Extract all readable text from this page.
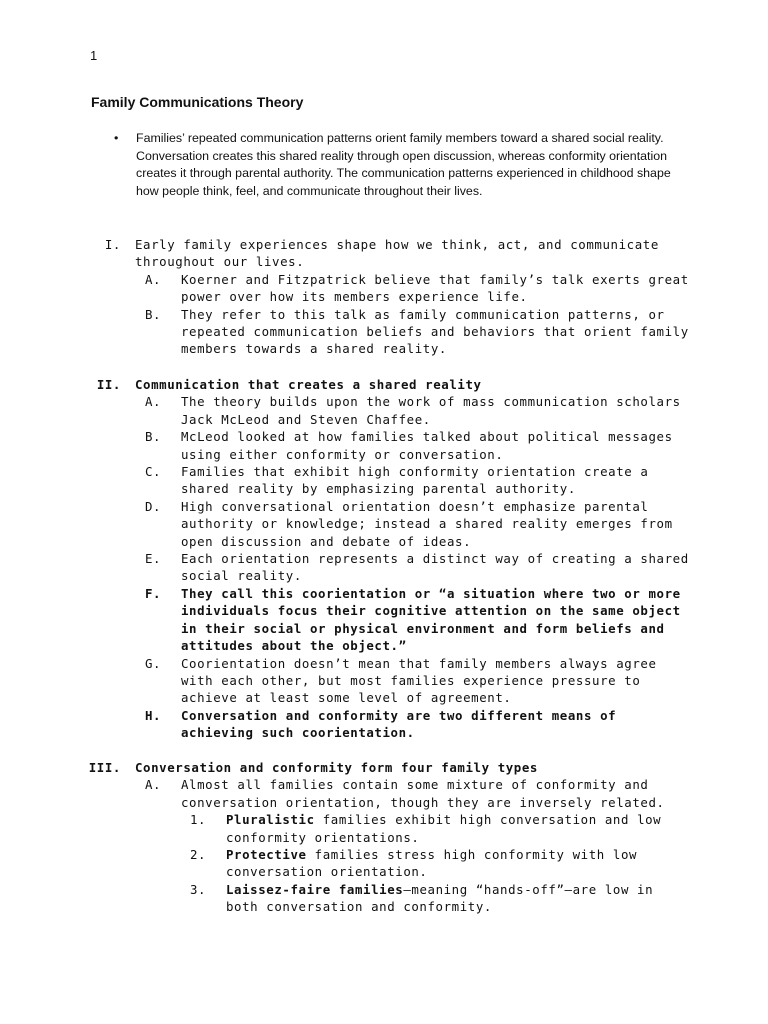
1
Family Communications Theory
• Families’ repeated communication patterns orient family members toward a shared social reality. Conversation creates this shared reality through open discussion, whereas conformity orientation creates it through parental authority. The communication patterns experienced in childhood shape how people think, feel, and communicate throughout their lives.
I. Early family experiences shape how we think, act, and communicate throughout our lives.
A. Koerner and Fitzpatrick believe that family’s talk exerts great power over how its members experience life.
B. They refer to this talk as family communication patterns, or repeated communication beliefs and behaviors that orient family members towards a shared reality.
II. Communication that creates a shared reality
A. The theory builds upon the work of mass communication scholars Jack McLeod and Steven Chaffee.
B. McLeod looked at how families talked about political messages using either conformity or conversation.
C. Families that exhibit high conformity orientation create a shared reality by emphasizing parental authority.
D. High conversational orientation doesn’t emphasize parental authority or knowledge; instead a shared reality emerges from open discussion and debate of ideas.
E. Each orientation represents a distinct way of creating a shared social reality.
F. They call this coorientation or “a situation where two or more individuals focus their cognitive attention on the same object in their social or physical environment and form beliefs and attitudes about the object.”
G. Coorientation doesn’t mean that family members always agree with each other, but most families experience pressure to achieve at least some level of agreement.
H. Conversation and conformity are two different means of achieving such coorientation.
III. Conversation and conformity form four family types
A. Almost all families contain some mixture of conformity and conversation orientation, though they are inversely related.
1. Pluralistic families exhibit high conversation and low conformity orientations.
2. Protective families stress high conformity with low conversation orientation.
3. Laissez-faire families—meaning “hands-off”—are low in both conversation and conformity.
